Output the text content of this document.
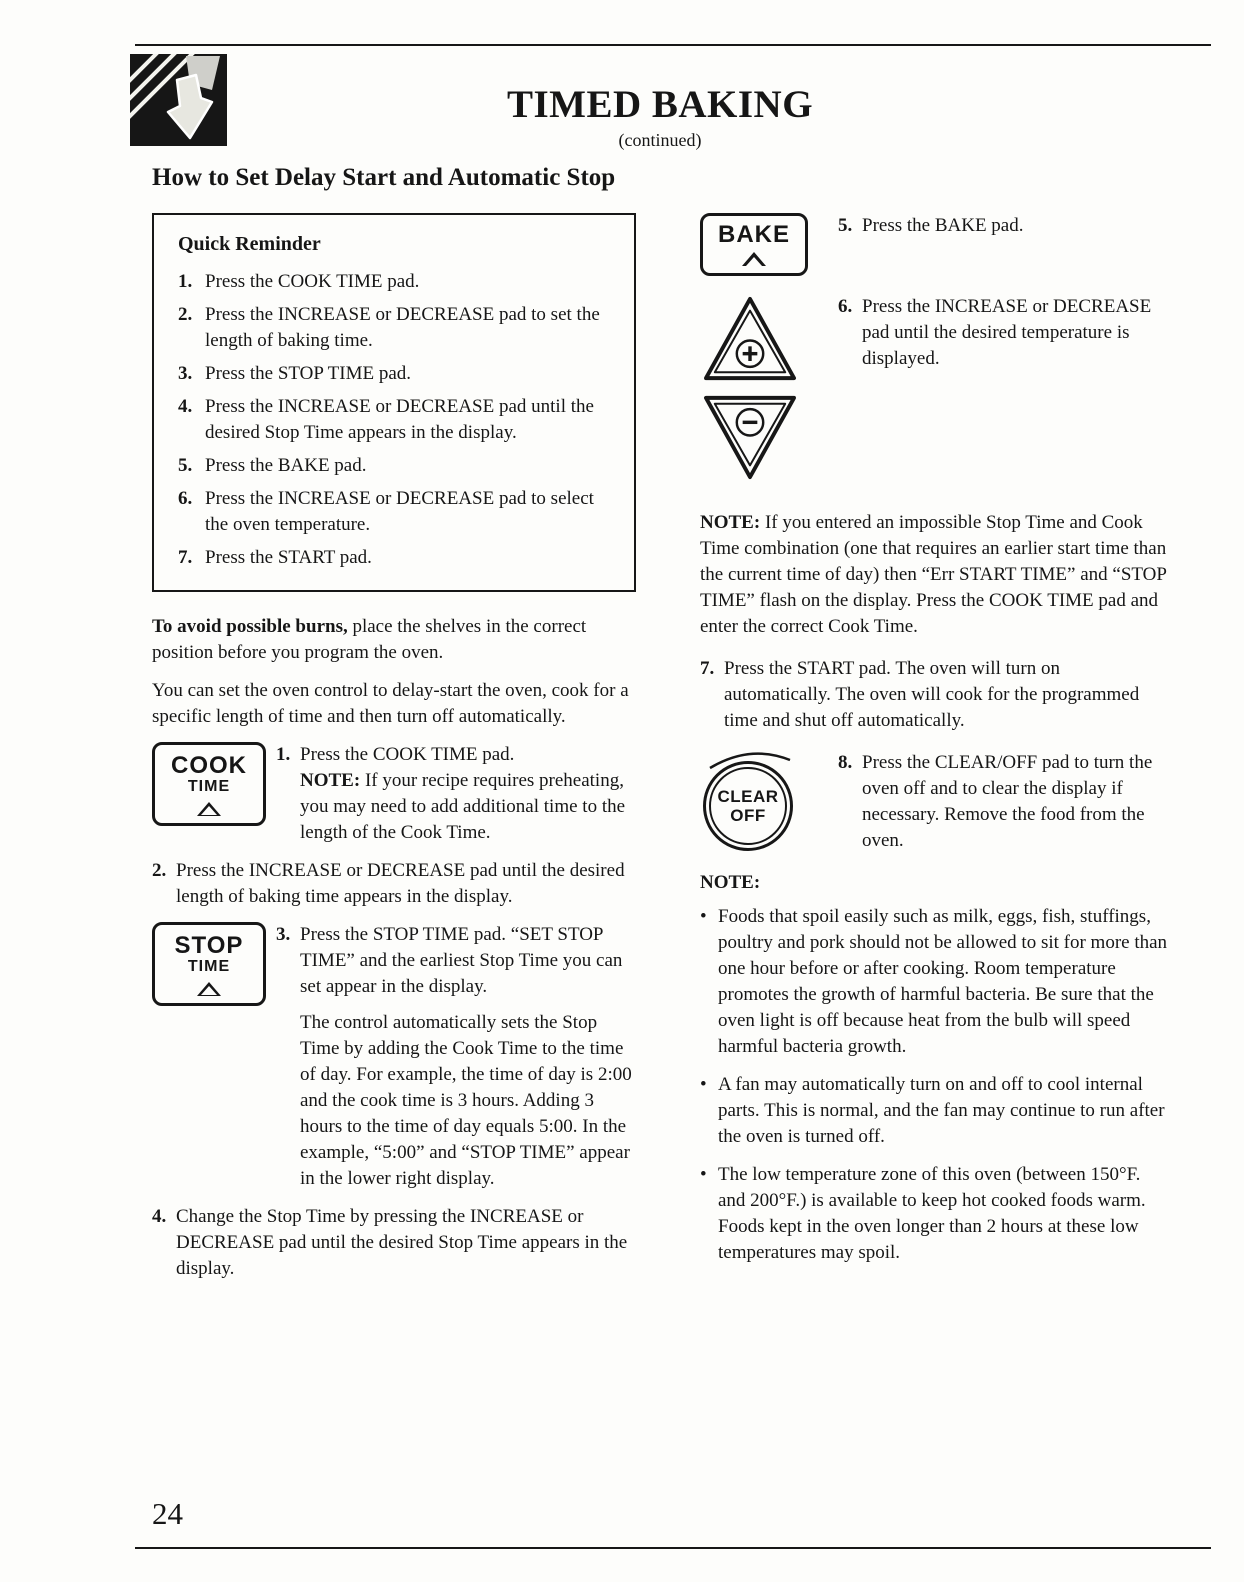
TIMED BAKING
(continued)
How to Set Delay Start and Automatic Stop
Quick Reminder
1. Press the COOK TIME pad.
2. Press the INCREASE or DECREASE pad to set the length of baking time.
3. Press the STOP TIME pad.
4. Press the INCREASE or DECREASE pad until the desired Stop Time appears in the display.
5. Press the BAKE pad.
6. Press the INCREASE or DECREASE pad to select the oven temperature.
7. Press the START pad.

To avoid possible burns, place the shelves in the correct position before you program the oven.

You can set the oven control to delay-start the oven, cook for a specific length of time and then turn off automatically.

COOK
TIME

1. Press the COOK TIME pad.

NOTE: If your recipe requires preheating, you may need to add additional time to the length of the Cook Time.

2. Press the INCREASE or DECREASE pad until the desired length of baking time appears in the display.

STOP
TIME

3. Press the STOP TIME pad. “SET STOP TIME” and the earliest Stop Time you can set appear in the display.

The control automatically sets the Stop Time by adding the Cook Time to the time of day. For example, the time of day is 2:00 and the cook time is 3 hours. Adding 3 hours to the time of day equals 5:00. In the example, “5:00” and “STOP TIME” appear in the lower right display.

4. Change the Stop Time by pressing the INCREASE or DECREASE pad until the desired Stop Time appears in the display.

BAKE	5. Press the BAKE pad.

6. Press the INCREASE or DECREASE pad until the desired temperature is displayed.

NOTE: If you entered an impossible Stop Time and Cook Time combination (one that requires an earlier start time than the current time of day) then “Err START TIME” and “STOP TIME” flash on the display. Press the COOK TIME pad and enter the correct Cook Time.

7. Press the START pad. The oven will turn on automatically. The oven will cook for the programmed time and shut off automatically.

CLEAR
OFF

8. Press the CLEAR/OFF pad to turn the oven off and to clear the display if necessary. Remove the food from the oven.

NOTE:

• Foods that spoil easily such as milk, eggs, fish, stuffings, poultry and pork should not be allowed to sit for more than one hour before or after cooking. Room temperature promotes the growth of harmful bacteria. Be sure that the oven light is off because heat from the bulb will speed harmful bacteria growth.

• A fan may automatically turn on and off to cool internal parts. This is normal, and the fan may continue to run after the oven is turned off.

• The low temperature zone of this oven (between 150°F. and 200°F.) is available to keep hot cooked foods warm. Foods kept in the oven longer than 2 hours at these low temperatures may spoil.

24
